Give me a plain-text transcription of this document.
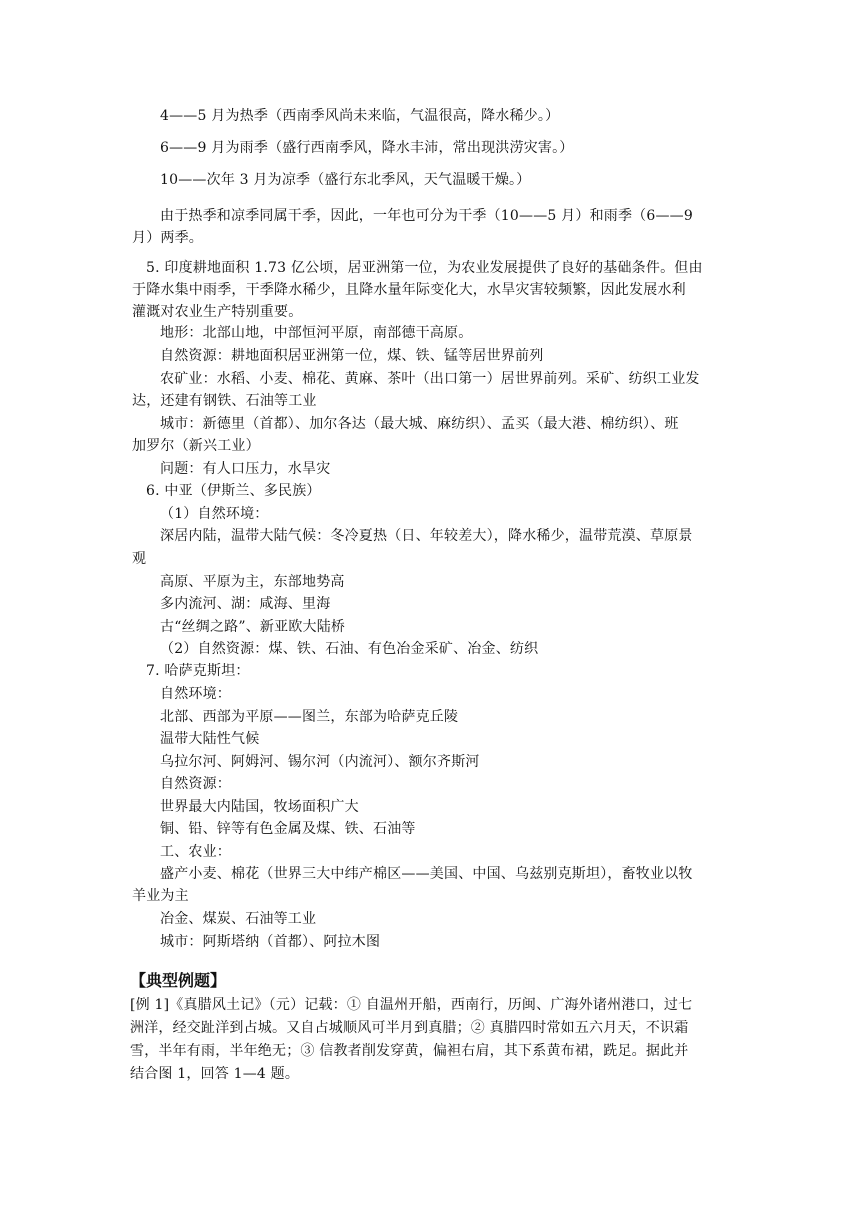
4——5 月为热季（西南季风尚未来临，气温很高，降水稀少。）
6——9 月为雨季（盛行西南季风，降水丰沛，常出现洪涝灾害。）
10——次年 3 月为凉季（盛行东北季风，天气温暖干燥。）
由于热季和凉季同属干季，因此，一年也可分为干季（10——5 月）和雨季（6——9
月）两季。
5. 印度耕地面积 1.73 亿公顷，居亚洲第一位，为农业发展提供了良好的基础条件。但由
于降水集中雨季，干季降水稀少，且降水量年际变化大，水旱灾害较频繁，因此发展水利
灌溉对农业生产特别重要。
地形：北部山地，中部恒河平原，南部德干高原。
自然资源：耕地面积居亚洲第一位，煤、铁、锰等居世界前列
农矿业：水稻、小麦、棉花、黄麻、茶叶（出口第一）居世界前列。采矿、纺织工业发
达，还建有钢铁、石油等工业
城市：新德里（首都）、加尔各达（最大城、麻纺织）、孟买（最大港、棉纺织）、班
加罗尔（新兴工业）
问题：有人口压力，水旱灾
6. 中亚（伊斯兰、多民族）
（1）自然环境：
深居内陆，温带大陆气候：冬冷夏热（日、年较差大），降水稀少，温带荒漠、草原景
观
高原、平原为主，东部地势高
多内流河、湖：咸海、里海
古“丝绸之路”、新亚欧大陆桥
（2）自然资源：煤、铁、石油、有色冶金采矿、冶金、纺织
7. 哈萨克斯坦：
自然环境：
北部、西部为平原——图兰，东部为哈萨克丘陵
温带大陆性气候
乌拉尔河、阿姆河、锡尔河（内流河）、额尔齐斯河
自然资源：
世界最大内陆国，牧场面积广大
铜、铅、锌等有色金属及煤、铁、石油等
工、农业：
盛产小麦、棉花（世界三大中纬产棉区——美国、中国、乌兹别克斯坦），畜牧业以牧
羊业为主
冶金、煤炭、石油等工业
城市：阿斯塔纳（首都）、阿拉木图
【典型例题】
[例 1]《真腊风土记》（元）记载：① 自温州开船，西南行，历闽、广海外诸州港口，过七
洲洋，经交趾洋到占城。又自占城顺风可半月到真腊；② 真腊四时常如五六月天，不识霜
雪，半年有雨，半年绝无；③ 信教者削发穿黄，偏袒右肩，其下系黄布裙，跣足。据此并
结合图 1，回答 1—4 题。
